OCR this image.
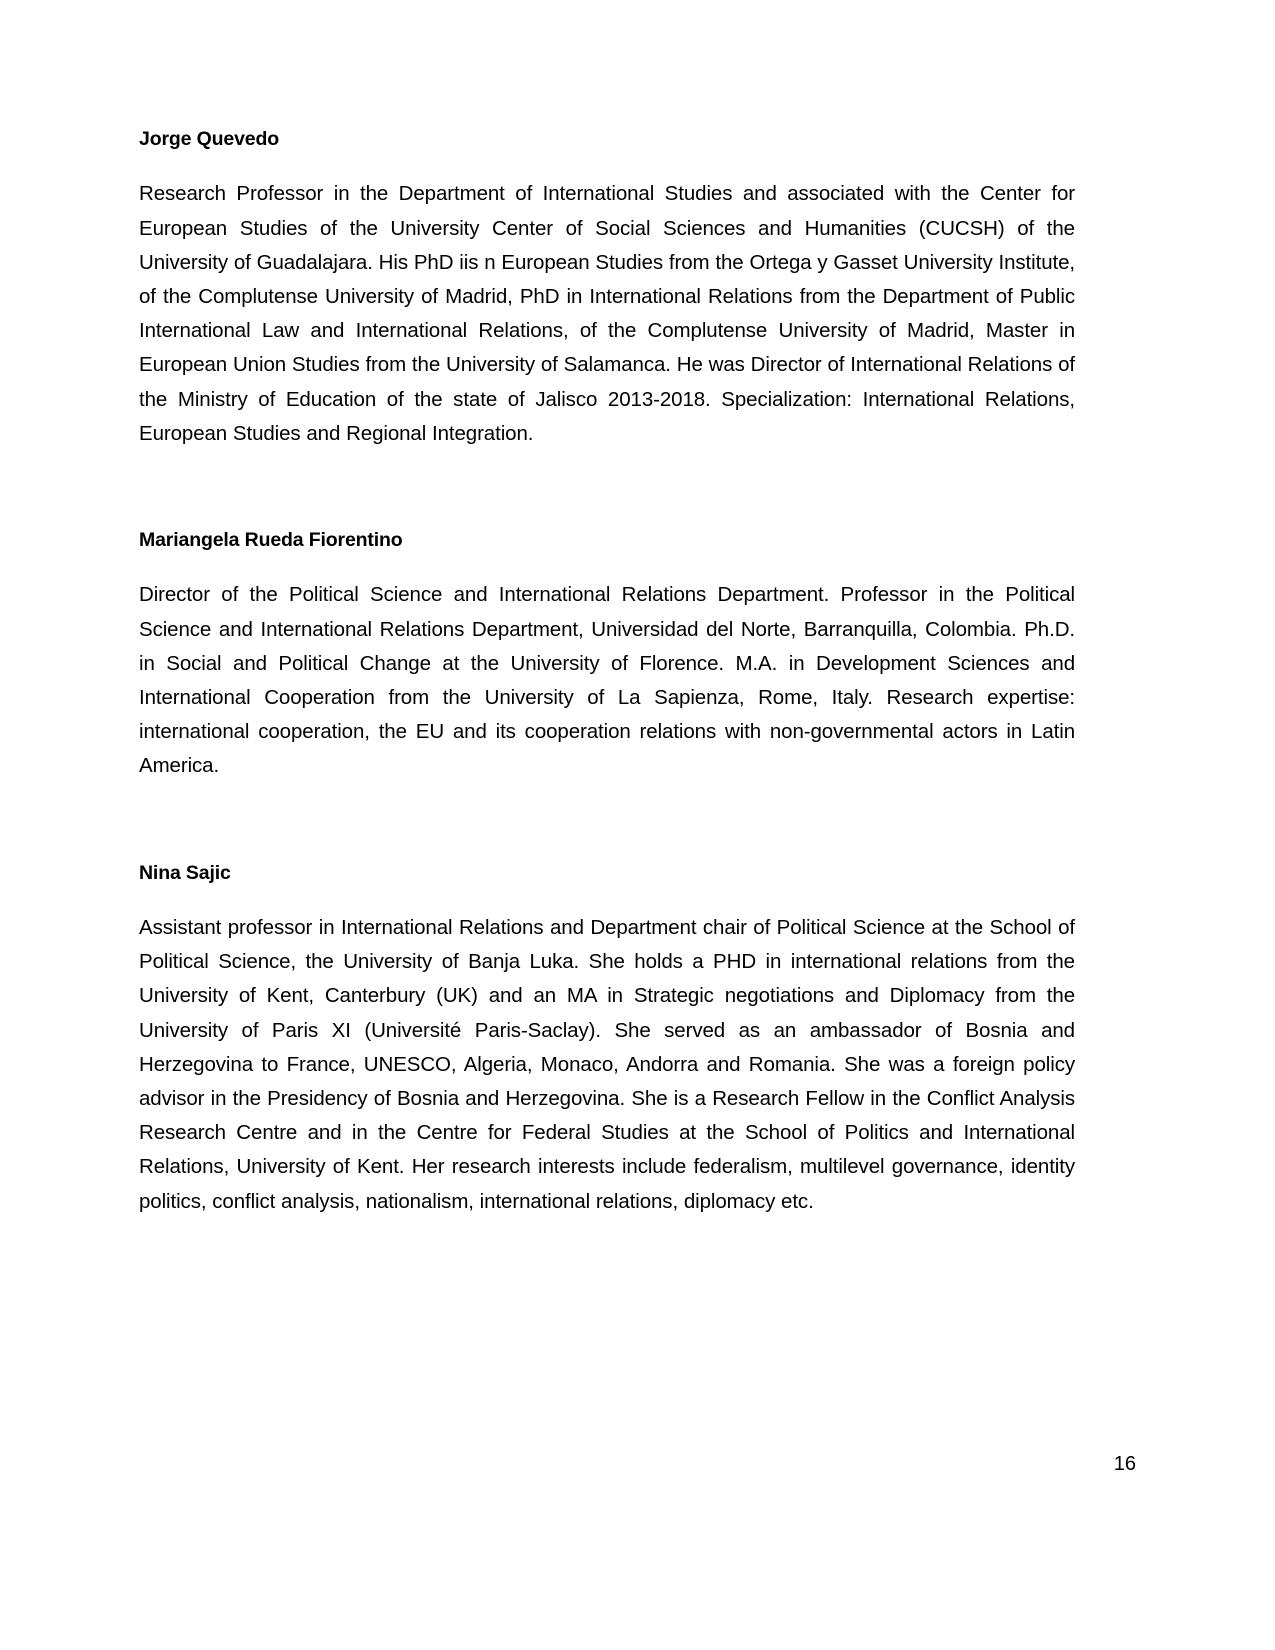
Jorge Quevedo

Research Professor in the Department of International Studies and associated with the Center for European Studies of the University Center of Social Sciences and Humanities (CUCSH) of the University of Guadalajara. His PhD iis n European Studies from the Ortega y Gasset University Institute, of the Complutense University of Madrid, PhD in International Relations from the Department of Public International Law and International Relations, of the Complutense University of Madrid, Master in European Union Studies from the University of Salamanca. He was Director of International Relations of the Ministry of Education of the state of Jalisco 2013-2018. Specialization: International Relations, European Studies and Regional Integration.

Mariangela Rueda Fiorentino

Director of the Political Science and International Relations Department. Professor in the Political Science and International Relations Department, Universidad del Norte, Barranquilla, Colombia. Ph.D. in Social and Political Change at the University of Florence. M.A. in Development Sciences and International Cooperation from the University of La Sapienza, Rome, Italy. Research expertise: international cooperation, the EU and its cooperation relations with non-governmental actors in Latin America.

Nina Sajic

Assistant professor in International Relations and Department chair of Political Science at the School of Political Science, the University of Banja Luka. She holds a PHD in international relations from the University of Kent, Canterbury (UK) and an MA in Strategic negotiations and Diplomacy from the University of Paris XI (Université Paris-Saclay). She served as an ambassador of Bosnia and Herzegovina to France, UNESCO, Algeria, Monaco, Andorra and Romania. She was a foreign policy advisor in the Presidency of Bosnia and Herzegovina. She is a Research Fellow in the Conflict Analysis Research Centre and in the Centre for Federal Studies at the School of Politics and International Relations, University of Kent. Her research interests include federalism, multilevel governance, identity politics, conflict analysis, nationalism, international relations, diplomacy etc.

16
